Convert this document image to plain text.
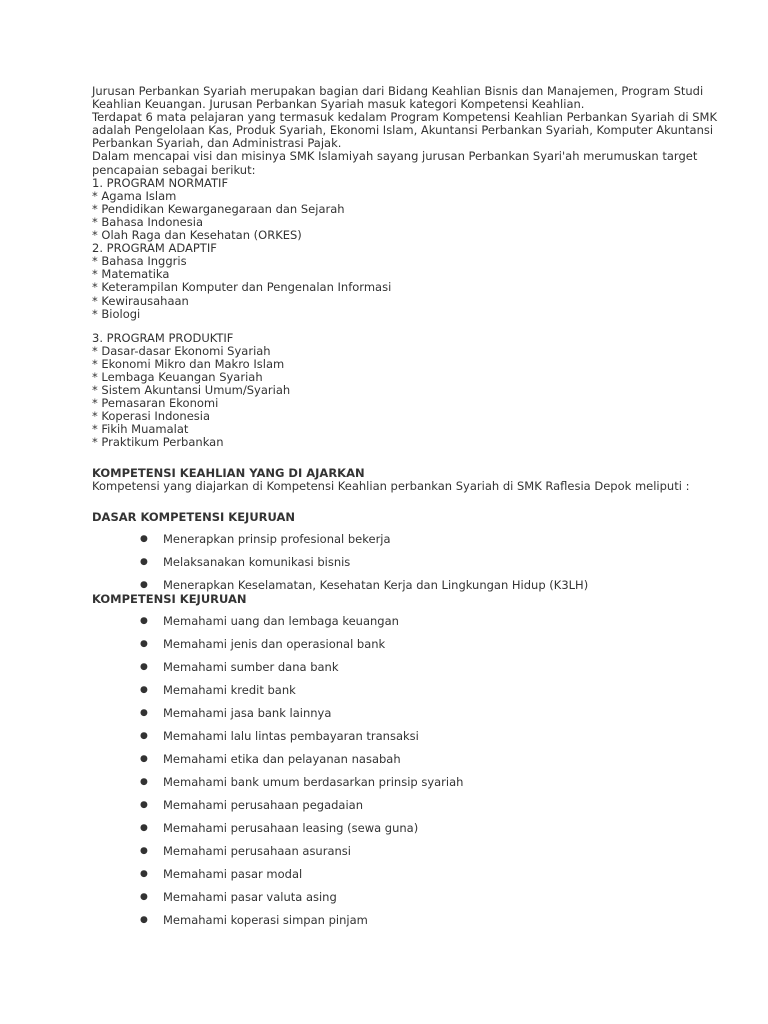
Jurusan Perbankan Syariah merupakan bagian dari Bidang Keahlian Bisnis dan Manajemen, Program Studi
Keahlian Keuangan. Jurusan Perbankan Syariah masuk kategori Kompetensi Keahlian.
Terdapat 6 mata pelajaran yang termasuk kedalam Program Kompetensi Keahlian Perbankan Syariah di SMK
adalah Pengelolaan Kas, Produk Syariah, Ekonomi Islam, Akuntansi Perbankan Syariah, Komputer Akuntansi
Perbankan Syariah, dan Administrasi Pajak.
Dalam mencapai visi dan misinya SMK Islamiyah sayang jurusan Perbankan Syari'ah merumuskan target
pencapaian sebagai berikut:
1. PROGRAM NORMATIF
* Agama Islam
* Pendidikan Kewarganegaraan dan Sejarah
* Bahasa Indonesia
* Olah Raga dan Kesehatan (ORKES)
2. PROGRAM ADAPTIF
* Bahasa Inggris
* Matematika
* Keterampilan Komputer dan Pengenalan Informasi
* Kewirausahaan
* Biologi
3. PROGRAM PRODUKTIF
* Dasar-dasar Ekonomi Syariah
* Ekonomi Mikro dan Makro Islam
* Lembaga Keuangan Syariah
* Sistem Akuntansi Umum/Syariah
* Pemasaran Ekonomi
* Koperasi Indonesia
* Fikih Muamalat
* Praktikum Perbankan
KOMPETENSI KEAHLIAN YANG DI AJARKAN
Kompetensi yang diajarkan di Kompetensi Keahlian perbankan Syariah di SMK Raflesia Depok meliputi :
DASAR KOMPETENSI KEJURUAN
● Menerapkan prinsip profesional bekerja
● Melaksanakan komunikasi bisnis
● Menerapkan Keselamatan, Kesehatan Kerja dan Lingkungan Hidup (K3LH)
KOMPETENSI KEJURUAN
● Memahami uang dan lembaga keuangan
● Memahami jenis dan operasional bank
● Memahami sumber dana bank
● Memahami kredit bank
● Memahami jasa bank lainnya
● Memahami lalu lintas pembayaran transaksi
● Memahami etika dan pelayanan nasabah
● Memahami bank umum berdasarkan prinsip syariah
● Memahami perusahaan pegadaian
● Memahami perusahaan leasing (sewa guna)
● Memahami perusahaan asuransi
● Memahami pasar modal
● Memahami pasar valuta asing
● Memahami koperasi simpan pinjam
